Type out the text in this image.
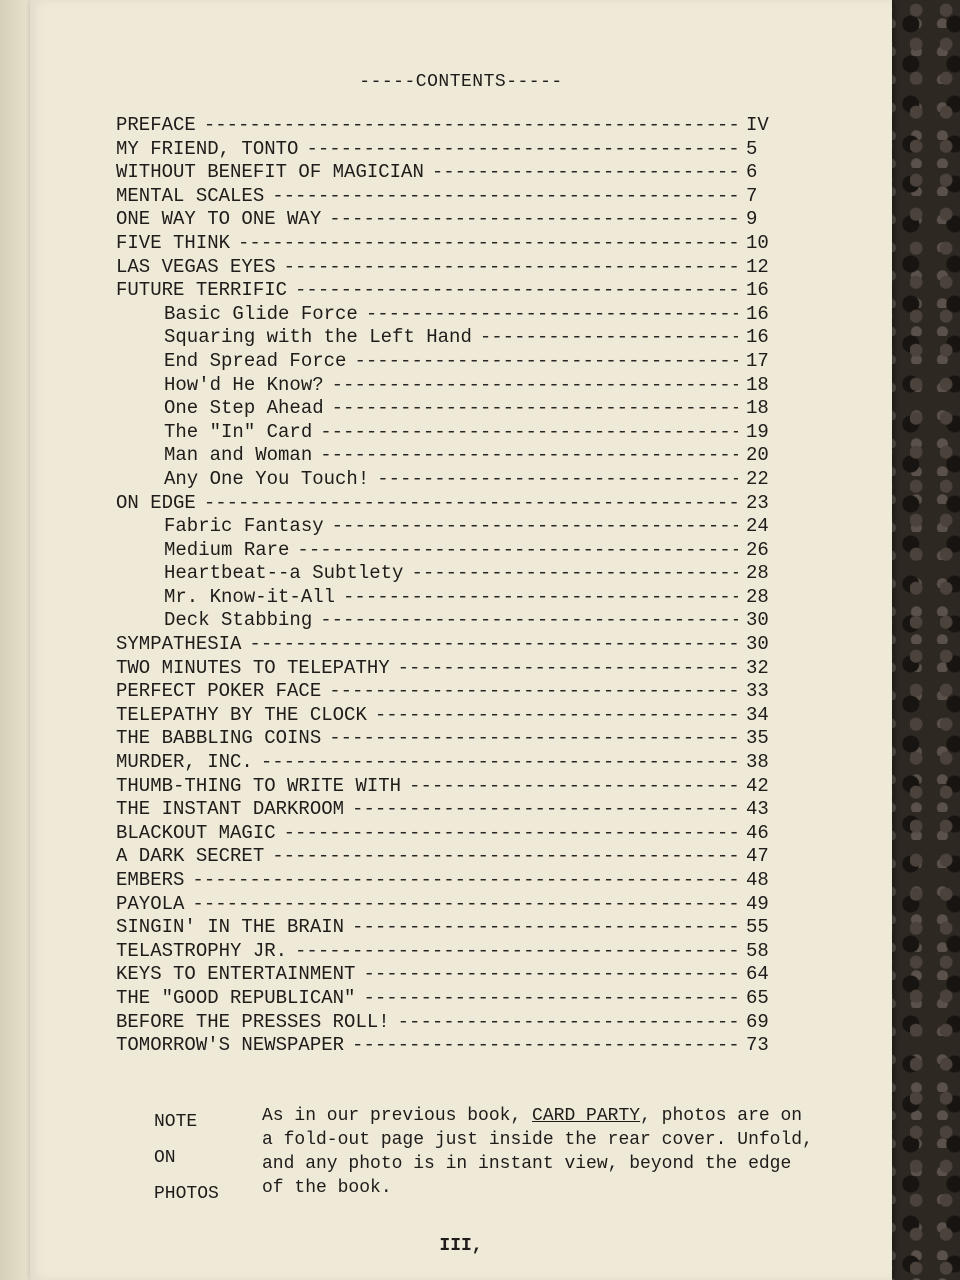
-----CONTENTS-----
PREFACE -----	IV
MY FRIEND, TONTO -----	5
WITHOUT BENEFIT OF MAGICIAN -----	6
MENTAL SCALES -----	7
ONE WAY TO ONE WAY -----	9
FIVE THINK -----	10
LAS VEGAS EYES -----	12
FUTURE TERRIFIC -----	16
Basic Glide Force -----	16
Squaring with the Left Hand -----	16
End Spread Force -----	17
How'd He Know? -----	18
One Step Ahead -----	18
The "In" Card -----	19
Man and Woman -----	20
Any One You Touch! -----	22
ON EDGE -----	23
Fabric Fantasy -----	24
Medium Rare -----	26
Heartbeat--a Subtlety -----	28
Mr. Know-it-All -----	28
Deck Stabbing -----	30
SYMPATHESIA -----	30
TWO MINUTES TO TELEPATHY -----	32
PERFECT POKER FACE -----	33
TELEPATHY BY THE CLOCK -----	34
THE BABBLING COINS -----	35
MURDER, INC. -----	38
THUMB-THING TO WRITE WITH -----	42
THE INSTANT DARKROOM -----	43
BLACKOUT MAGIC -----	46
A DARK SECRET -----	47
EMBERS -----	48
PAYOLA -----	49
SINGIN' IN THE BRAIN -----	55
TELASTROPHY JR. -----	58
KEYS TO ENTERTAINMENT -----	64
THE "GOOD REPUBLICAN" -----	65
BEFORE THE PRESSES ROLL! -----	69
TOMORROW'S NEWSPAPER -----	73
NOTE
ON
PHOTOS
As in our previous book, CARD PARTY, photos are on a fold-out page just inside the rear cover. Unfold, and any photo is in instant view, beyond the edge of the book.
III,
